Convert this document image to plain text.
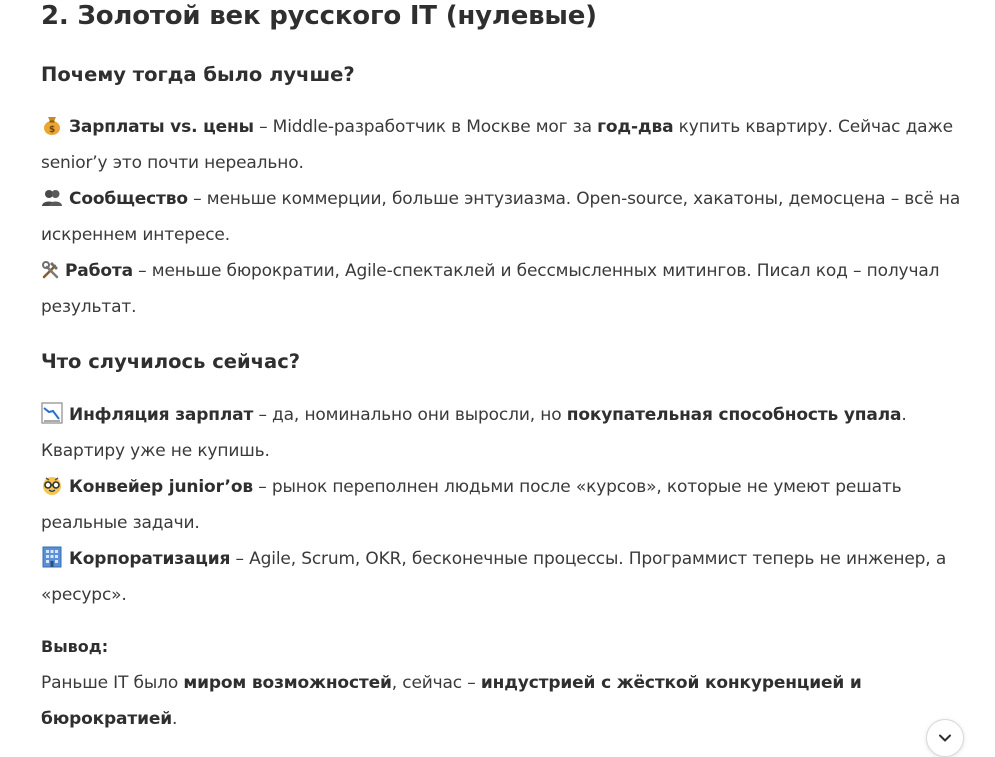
2. Золотой век русского IT (нулевые)
Почему тогда было лучше?

$ Зарплаты vs. цены – Middle-разработчик в Москве мог за год-два купить квартиру. Сейчас даже senior’у это почти нереально.

Сообщество – меньше коммерции, больше энтузиазма. Open-source, хакатоны, демосцена – всё на искреннем интересе.

Работа – меньше бюрократии, Agile-спектаклей и бессмысленных митингов. Писал код – получал результат.

Что случилось сейчас?

Инфляция зарплат – да, номинально они выросли, но покупательная способность упала. Квартиру уже не купишь.

Конвейер junior’ов – рынок переполнен людьми после «курсов», которые не умеют решать реальные задачи.

Корпоратизация – Agile, Scrum, OKR, бесконечные процессы. Программист теперь не инженер, а «ресурс».

Вывод:

Раньше IT было миром возможностей, сейчас – индустрией с жёсткой конкуренцией и бюрократией.
